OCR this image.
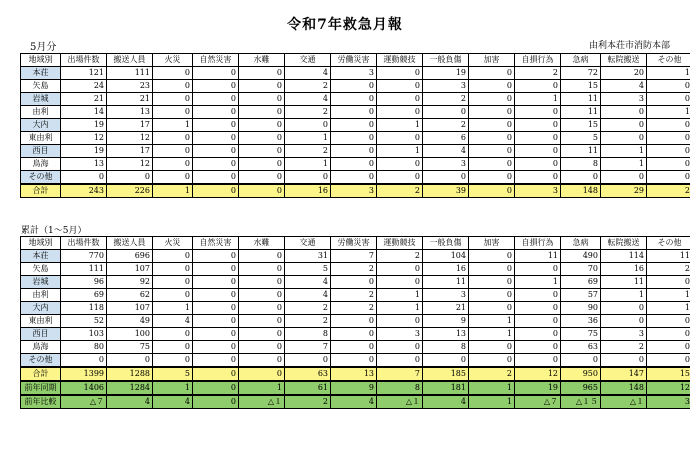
令和7年救急月報
5月分	由利本荘市消防本部
地域別	出場件数	搬送人員	火災	自然災害	水難	交通	労働災害	運動競技	一般負傷	加害	自損行為	急病	転院搬送	その他
本荘	121	111	0	0	0	4	3	0	19	0	2	72	20	1
矢島	24	23	0	0	0	2	0	0	3	0	0	15	4	0
岩城	21	21	0	0	0	4	0	0	2	0	1	11	3	0
由利	14	13	0	0	0	2	0	0	0	0	0	11	0	1
大内	19	17	1	0	0	0	0	1	2	0	0	15	0	0
東由利	12	12	0	0	0	1	0	0	6	0	0	5	0	0
西目	19	17	0	0	0	2	0	1	4	0	0	11	1	0
鳥海	13	12	0	0	0	1	0	0	3	0	0	8	1	0
その他	0	0	0	0	0	0	0	0	0	0	0	0	0	0
合計	243	226	1	0	0	16	3	2	39	0	3	148	29	2
累計（1～5月）
地域別	出場件数	搬送人員	火災	自然災害	水難	交通	労働災害	運動競技	一般負傷	加害	自損行為	急病	転院搬送	その他
本荘	770	696	0	0	0	31	7	2	104	0	11	490	114	11
矢島	111	107	0	0	0	5	2	0	16	0	0	70	16	2
岩城	96	92	0	0	0	4	0	0	11	0	1	69	11	0
由利	69	62	0	0	0	4	2	1	3	0	0	57	1	1
大内	118	107	1	0	0	2	2	1	21	0	0	90	0	1
東由利	52	49	4	0	0	2	0	0	9	1	0	36	0	0
西目	103	100	0	0	0	8	0	3	13	1	0	75	3	0
鳥海	80	75	0	0	0	7	0	0	8	0	0	63	2	0
その他	0	0	0	0	0	0	0	0	0	0	0	0	0	0
合計	1399	1288	5	0	0	63	13	7	185	2	12	950	147	15
前年同期	1406	1284	1	0	1	61	9	8	181	1	19	965	148	12
前年比較	△７	4	4	0	△１	2	4	△１	4	1	△７	△１５	△１	3
